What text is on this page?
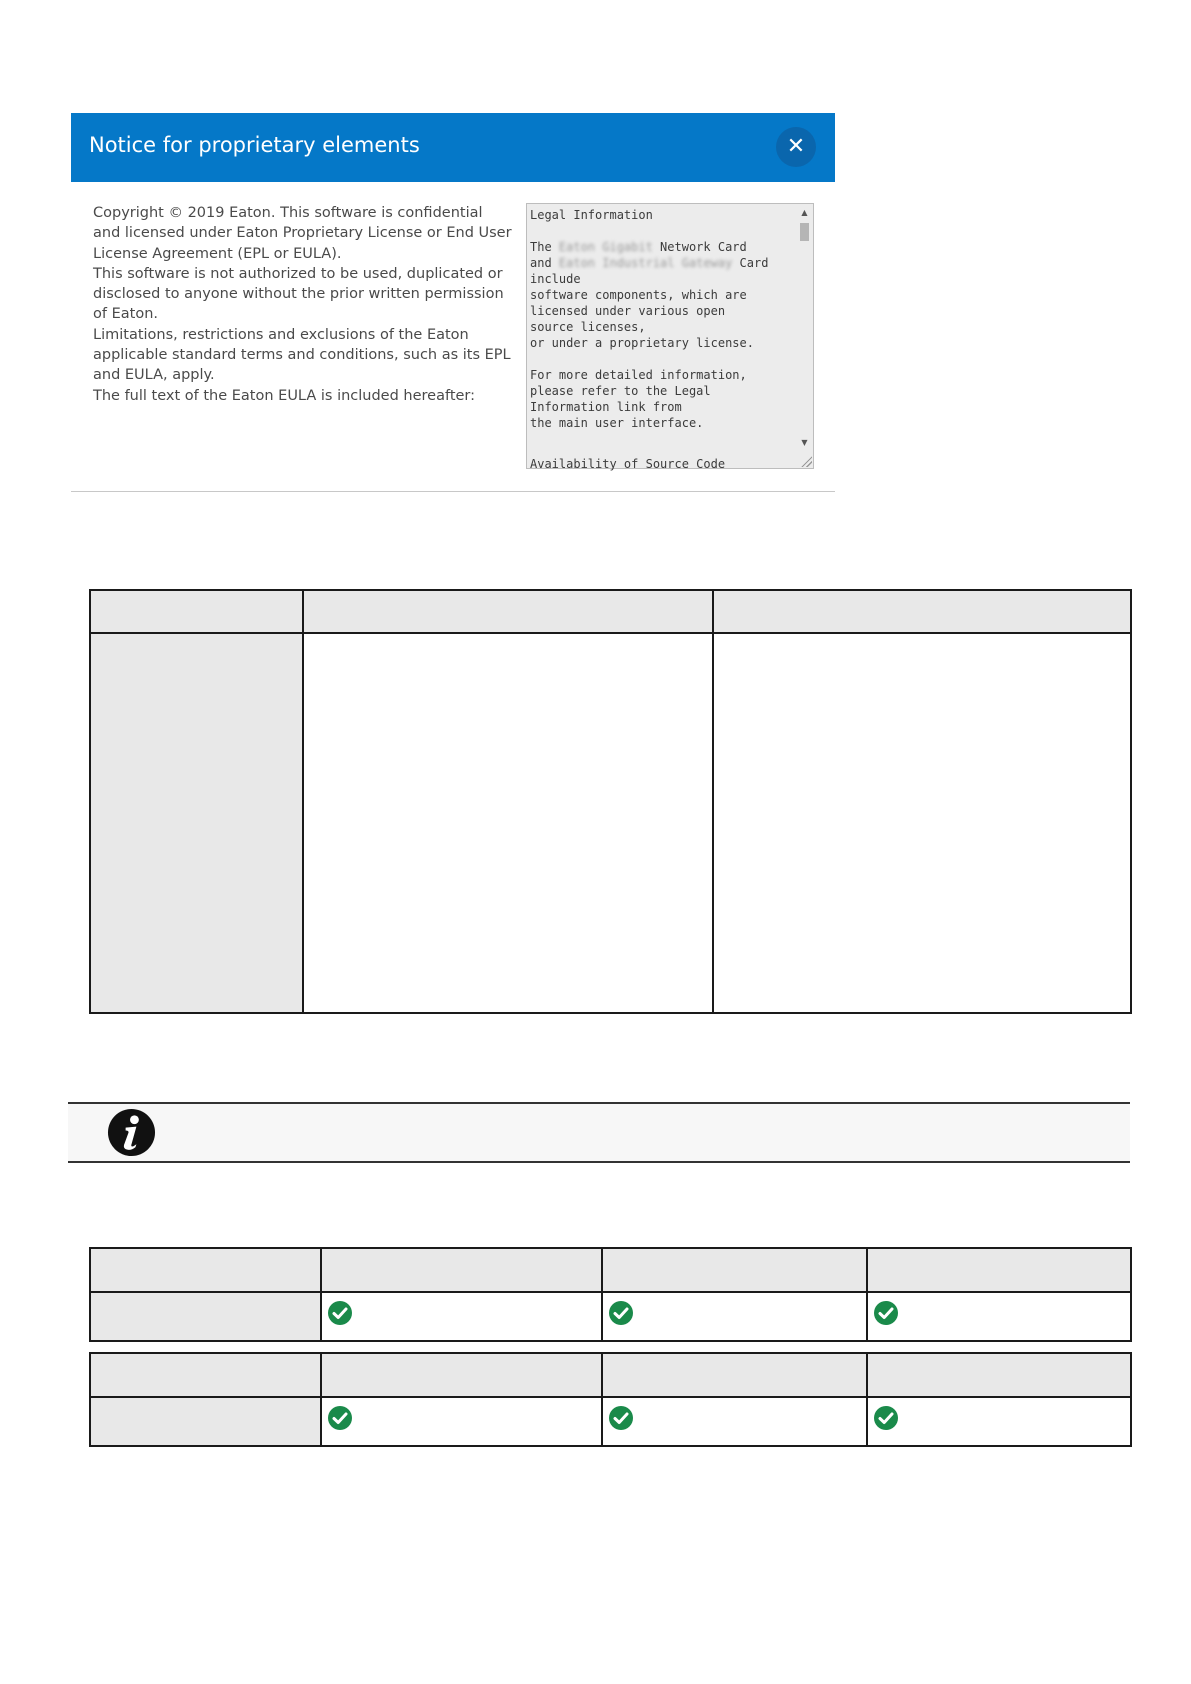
Notice for proprietary elements	✕

Copyright © 2019 Eaton. This software is confidential and licensed under Eaton Proprietary License or End User License Agreement (EPL or EULA).

This software is not authorized to be used, duplicated or disclosed to anyone without the prior written permission of Eaton.

Limitations, restrictions and exclusions of the Eaton applicable standard terms and conditions, such as its EPL and EULA, apply.

The full text of the Eaton EULA is included hereafter:

Legal Information

The Eaton Gigabit Network Card
and Eaton Industrial Gateway Card
include
software components, which are
licensed under various open
source licenses,
or under a proprietary license.

For more detailed information,
please refer to the Legal
Information link from
the main user interface.
Availability of Source Code
▲
▼
